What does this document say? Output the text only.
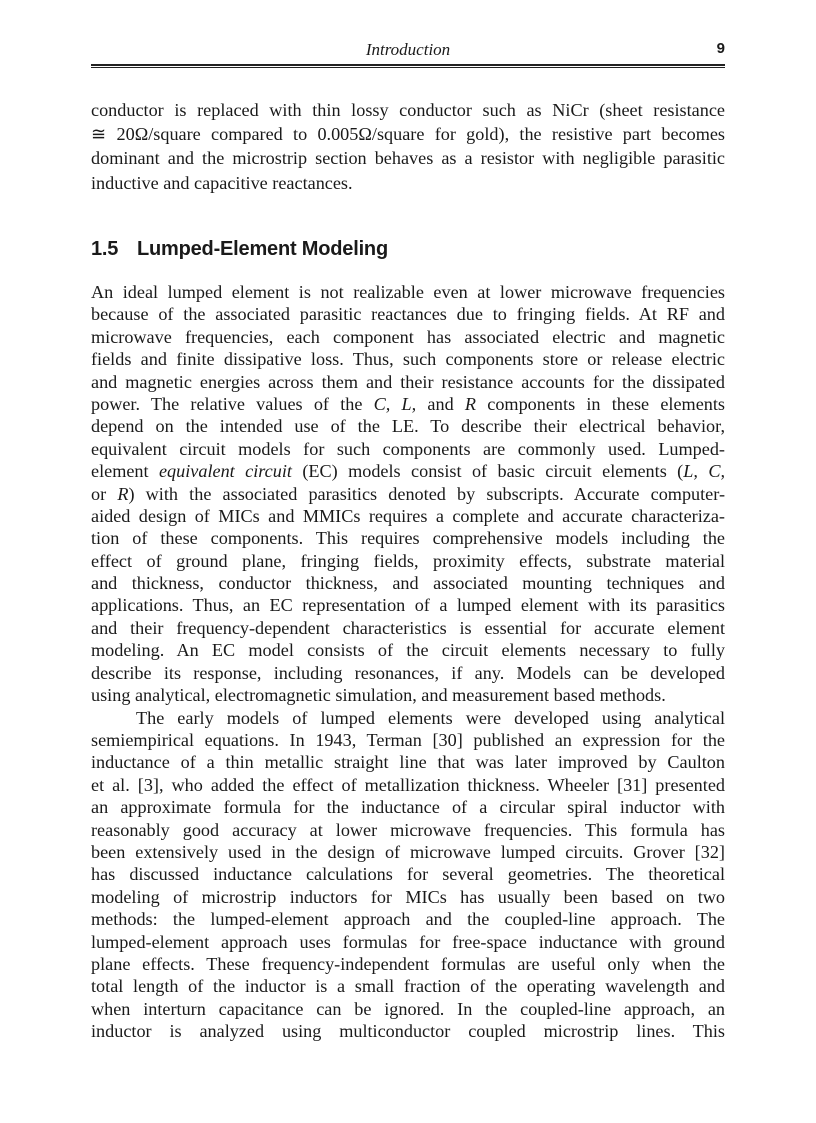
Introduction	9
conductor is replaced with thin lossy conductor such as NiCr (sheet resistance
≅ 20Ω/square compared to 0.005Ω/square for gold), the resistive part becomes
dominant and the microstrip section behaves as a resistor with negligible parasitic
inductive and capacitive reactances.
1.5 Lumped-Element Modeling
An ideal lumped element is not realizable even at lower microwave frequencies
because of the associated parasitic reactances due to fringing fields. At RF and
microwave frequencies, each component has associated electric and magnetic
fields and finite dissipative loss. Thus, such components store or release electric
and magnetic energies across them and their resistance accounts for the dissipated
power. The relative values of the C, L, and R components in these elements
depend on the intended use of the LE. To describe their electrical behavior,
equivalent circuit models for such components are commonly used. Lumped-
element equivalent circuit (EC) models consist of basic circuit elements (L, C,
or R) with the associated parasitics denoted by subscripts. Accurate computer-
aided design of MICs and MMICs requires a complete and accurate characteriza-
tion of these components. This requires comprehensive models including the
effect of ground plane, fringing fields, proximity effects, substrate material
and thickness, conductor thickness, and associated mounting techniques and
applications. Thus, an EC representation of a lumped element with its parasitics
and their frequency-dependent characteristics is essential for accurate element
modeling. An EC model consists of the circuit elements necessary to fully
describe its response, including resonances, if any. Models can be developed
using analytical, electromagnetic simulation, and measurement based methods.
The early models of lumped elements were developed using analytical
semiempirical equations. In 1943, Terman [30] published an expression for the
inductance of a thin metallic straight line that was later improved by Caulton
et al. [3], who added the effect of metallization thickness. Wheeler [31] presented
an approximate formula for the inductance of a circular spiral inductor with
reasonably good accuracy at lower microwave frequencies. This formula has
been extensively used in the design of microwave lumped circuits. Grover [32]
has discussed inductance calculations for several geometries. The theoretical
modeling of microstrip inductors for MICs has usually been based on two
methods: the lumped-element approach and the coupled-line approach. The
lumped-element approach uses formulas for free-space inductance with ground
plane effects. These frequency-independent formulas are useful only when the
total length of the inductor is a small fraction of the operating wavelength and
when interturn capacitance can be ignored. In the coupled-line approach, an
inductor is analyzed using multiconductor coupled microstrip lines. This
